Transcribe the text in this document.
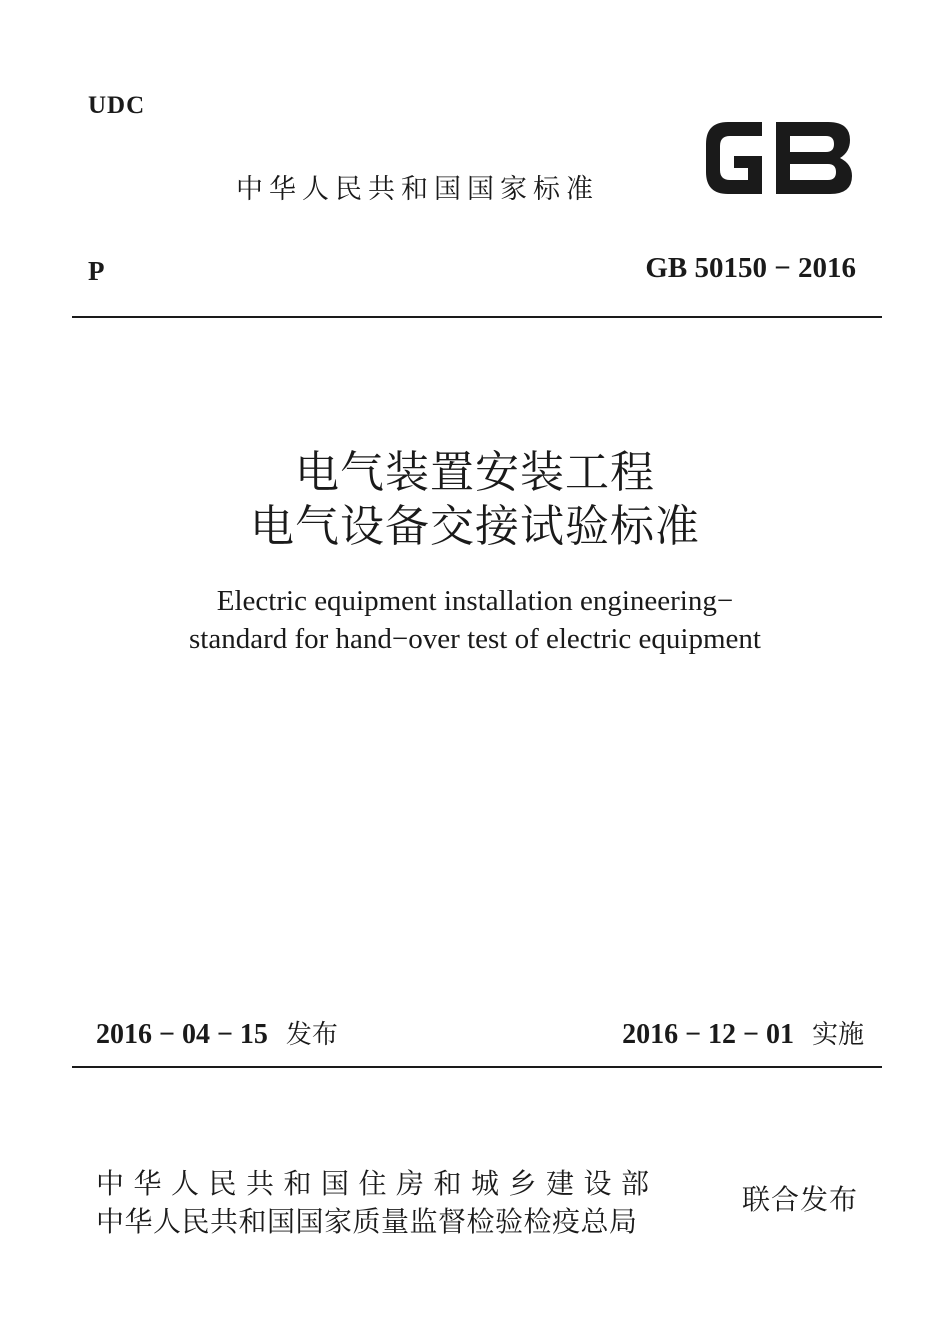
UDC
中华人民共和国国家标准
P	GB 50150 − 2016
电气装置安装工程
电气设备交接试验标准
Electric equipment installation engineering−
standard for hand−over test of electric equipment
2016 − 04 − 15 发布	2016 − 12 − 01 实施
中华人民共和国住房和城乡建设部
中华人民共和国国家质量监督检验检疫总局
联合发布
